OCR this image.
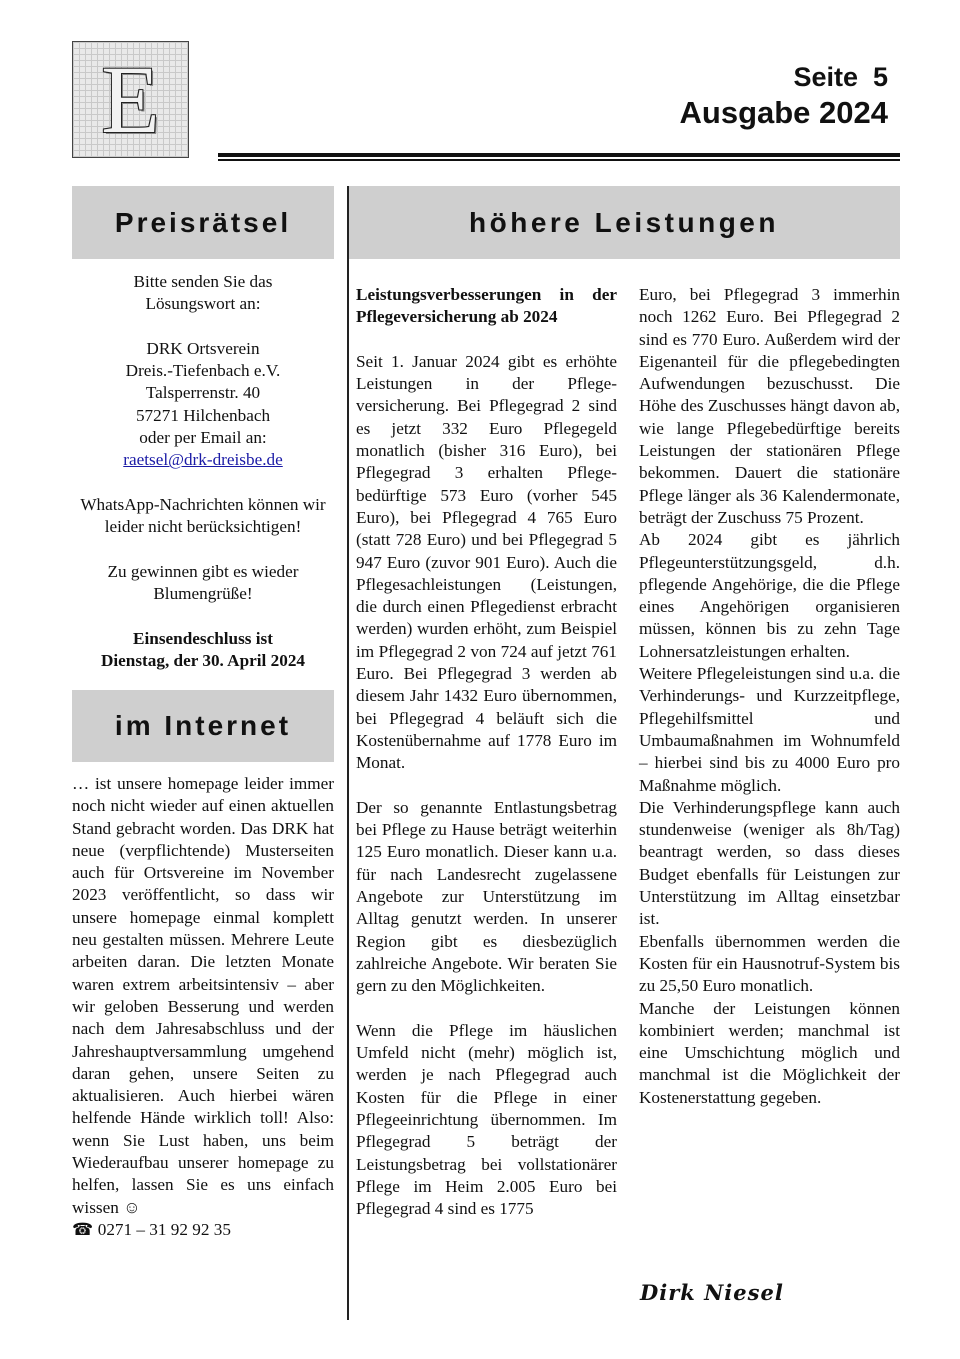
E	Seite  5
Ausgabe 2024
Preisrätsel	höhere Leistungen
im Internet
Bitte senden Sie das Lösungswort an:
DRK Ortsverein
Dreis.-Tiefenbach e.V.
Talsperrenstr. 40
57271 Hilchenbach
oder per Email an:
raetsel@drk-dreisbe.de
WhatsApp-Nachrichten können wir leider nicht berücksichtigen!
Zu gewinnen gibt es wieder Blumengrüße!
Einsendeschluss ist
Dienstag, der 30. April 2024
… ist unsere homepage leider immer noch nicht wieder auf einen aktuellen Stand gebracht worden. Das DRK hat neue (verpflichtende) Musterseiten auch für Ortsvereine im November 2023 veröffentlicht, so dass wir unsere homepage einmal komplett neu gestalten müssen. Mehrere Leute arbeiten daran. Die letzten Monate waren extrem arbeitsintensiv – aber wir geloben Besserung und werden nach dem Jahresabschluss und der Jahreshauptversammlung umgehend daran gehen, unsere Seiten zu aktualisieren. Auch hierbei wären helfende Hände wirklich toll! Also: wenn Sie Lust haben, uns beim Wiederaufbau unserer homepage zu helfen, lassen Sie es uns einfach wissen ☺
☎ 0271 – 31 92 92 35
Leistungsverbesserungen in der Pflegeversicherung ab 2024
Seit 1. Januar 2024 gibt es erhöhte Leistungen in der Pflegeversicherung. Bei Pflegegrad 2 sind es jetzt 332 Euro Pflegegeld monatlich (bisher 316 Euro), bei Pflegegrad 3 erhalten Pflegebedürftige 573 Euro (vorher 545 Euro), bei Pflegegrad 4 765 Euro (statt 728 Euro) und bei Pflegegrad 5 947 Euro (zuvor 901 Euro). Auch die Pflegesachleistungen (Leistungen, die durch einen Pflegedienst erbracht werden) wurden erhöht, zum Beispiel im Pflegegrad 2 von 724 auf jetzt 761 Euro. Bei Pflegegrad 3 werden ab diesem Jahr 1432 Euro übernommen, bei Pflegegrad 4 beläuft sich die Kostenübernahme auf 1778 Euro im Monat.
Der so genannte Entlastungsbetrag bei Pflege zu Hause beträgt weiterhin 125 Euro monatlich. Dieser kann u.a. für nach Landesrecht zugelassene Angebote zur Unterstützung im Alltag genutzt werden. In unserer Region gibt es diesbezüglich zahlreiche Angebote. Wir beraten Sie gern zu den Möglichkeiten.
Wenn die Pflege im häuslichen Umfeld nicht (mehr) möglich ist, werden je nach Pflegegrad auch Kosten für die Pflege in einer Pflegeeinrichtung übernommen. Im Pflegegrad 5 beträgt der Leistungsbetrag bei vollstationärer Pflege im Heim 2.005 Euro bei Pflegegrad 4 sind es 1775
Euro, bei Pflegegrad 3 immerhin noch 1262 Euro. Bei Pflegegrad 2 sind es 770 Euro. Außerdem wird der Eigenanteil für die pflegebedingten Aufwendungen bezuschusst. Die Höhe des Zuschusses hängt davon ab, wie lange Pflegebedürftige bereits Leistungen der stationären Pflege bekommen. Dauert die stationäre Pflege länger als 36 Kalendermonate, beträgt der Zuschuss 75 Prozent.
Ab 2024 gibt es jährlich Pflegeunterstützungsgeld, d.h. pflegende Angehörige, die die Pflege eines Angehörigen organisieren müssen, können bis zu zehn Tage Lohnersatzleistungen erhalten.
Weitere Pflegeleistungen sind u.a. die Verhinderungs- und Kurzzeitpflege, Pflegehilfsmittel und Umbaumaßnahmen im Wohnumfeld – hierbei sind bis zu 4000 Euro pro Maßnahme möglich.
Die Verhinderungspflege kann auch stundenweise (weniger als 8h/Tag) beantragt werden, so dass dieses Budget ebenfalls für Leistungen zur Unterstützung im Alltag einsetzbar ist.
Ebenfalls übernommen werden die Kosten für ein Hausnotruf-System bis zu 25,50 Euro monatlich.
Manche der Leistungen können kombiniert werden; manchmal ist eine Umschichtung möglich und manchmal ist die Möglichkeit der Kostenerstattung gegeben.
Dirk Niesel
